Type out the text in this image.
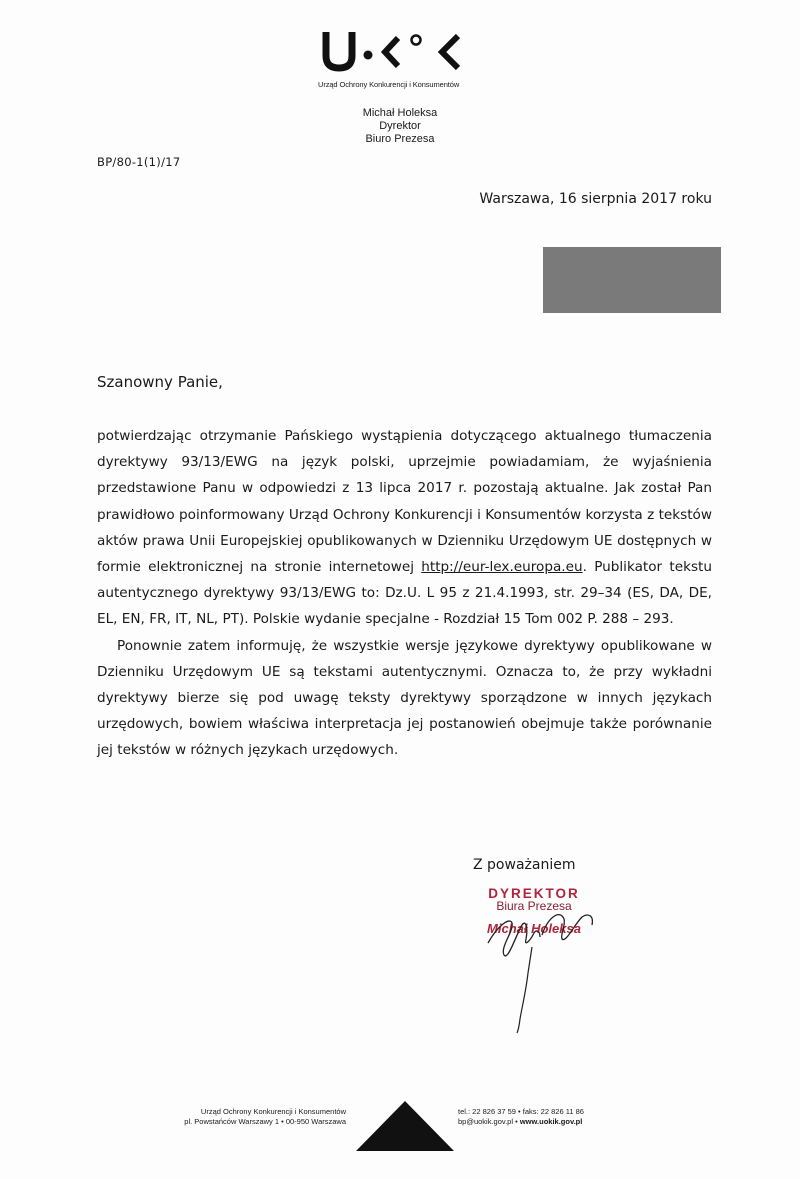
Urząd Ochrony Konkurencji i Konsumentów
Michał Holeksa
Dyrektor
Biuro Prezesa
BP/80-1(1)/17
Warszawa, 16 sierpnia 2017 roku
Szanowny Panie,

potwierdzając otrzymanie Pańskiego wystąpienia dotyczącego aktualnego tłumaczenia dyrektywy 93/13/EWG na język polski, uprzejmie powiadamiam, że wyjaśnienia przedstawione Panu w odpowiedzi z 13 lipca 2017 r. pozostają aktualne. Jak został Pan prawidłowo poinformowany Urząd Ochrony Konkurencji i Konsumentów korzysta z tekstów aktów prawa Unii Europejskiej opublikowanych w Dzienniku Urzędowym UE dostępnych w formie elektronicznej na stronie internetowej http://eur-lex.europa.eu. Publikator tekstu autentycznego dyrektywy 93/13/EWG to: Dz.U. L 95 z 21.4.1993, str. 29–34 (ES, DA, DE, EL, EN, FR, IT, NL, PT). Polskie wydanie specjalne - Rozdział 15 Tom 002 P. 288 – 293.

Ponownie zatem informuję, że wszystkie wersje językowe dyrektywy opublikowane w Dzienniku Urzędowym UE są tekstami autentycznymi. Oznacza to, że przy wykładni dyrektywy bierze się pod uwagę teksty dyrektywy sporządzone w innych językach urzędowych, bowiem właściwa interpretacja jej postanowień obejmuje także porównanie jej tekstów w różnych językach urzędowych.

Z poważaniem
DYREKTOR
Biura Prezesa
Michał Holeksa
Urząd Ochrony Konkurencji i Konsumentów
pl. Powstańców Warszawy 1 • 00-950 Warszawa
tel.: 22 826 37 59 • faks: 22 826 11 86
bp@uokik.gov.pl • www.uokik.gov.pl
